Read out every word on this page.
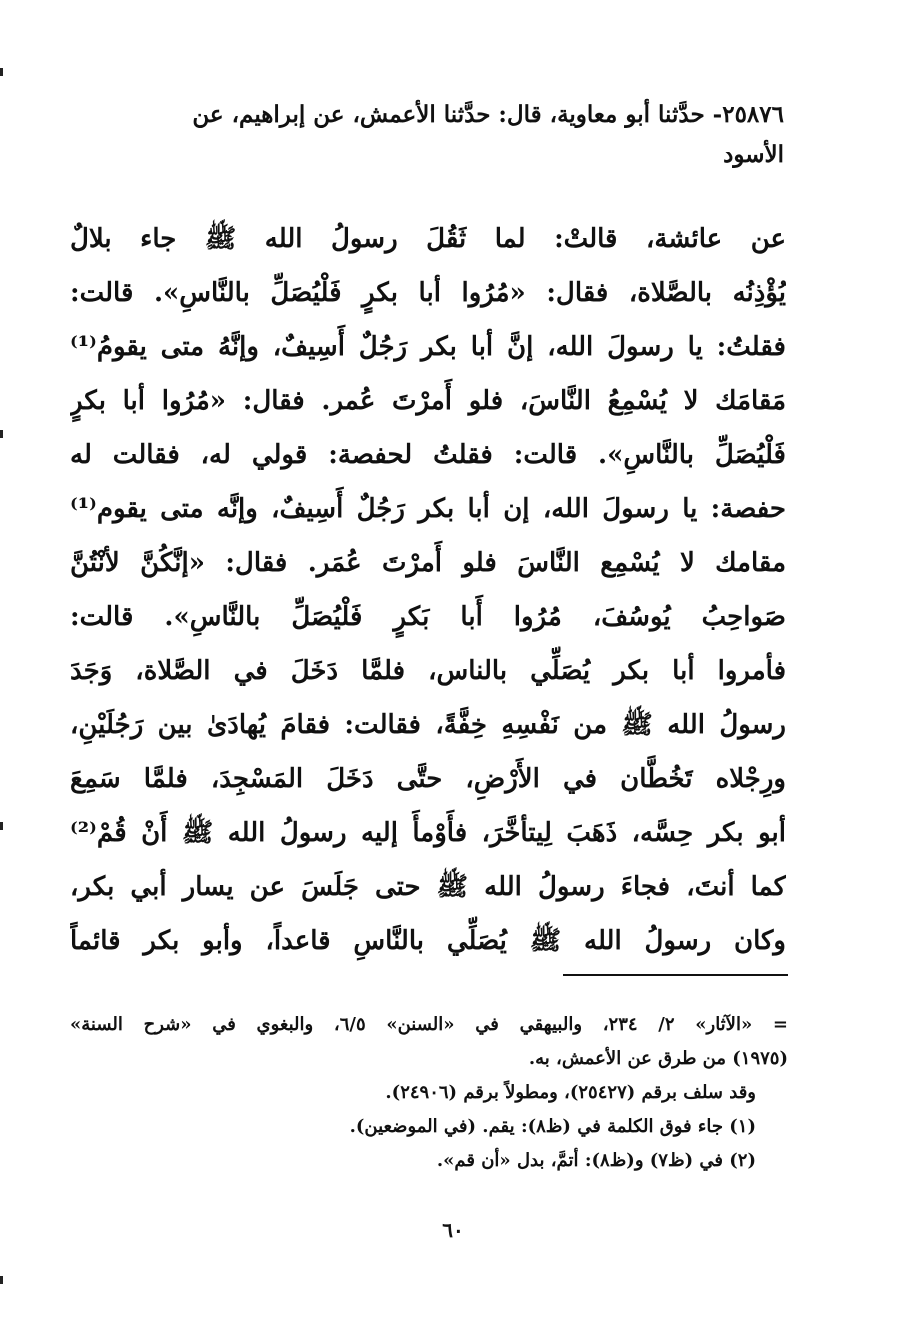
٢٥٨٧٦- حدَّثنا أبو معاوية، قال: حدَّثنا الأعمش، عن إبراهيم، عن
الأسود
عن عائشة، قالتْ: لما ثَقُلَ رسولُ الله ﷺ جاء بلالٌ
يُؤْذِنُه بالصَّلاة، فقال: «مُرُوا أبا بكرٍ فَلْيُصَلِّ بالنَّاسِ». قالت:
فقلتُ: يا رسولَ الله، إنَّ أبا بكر رَجُلٌ أَسِيفٌ، وإنَّهُ متى يقومُ⁽¹⁾
مَقامَك لا يُسْمِعُ النَّاسَ، فلو أَمرْتَ عُمر. فقال: «مُرُوا أبا بكرٍ
فَلْيُصَلِّ بالنَّاسِ». قالت: فقلتُ لحفصة: قولي له، فقالت له
حفصة: يا رسولَ الله، إن أبا بكر رَجُلٌ أَسِيفٌ، وإنَّه متى يقوم⁽¹⁾
مقامك لا يُسْمِع النَّاسَ فلو أَمرْتَ عُمَر. فقال: «إنَّكُنَّ لأنْتُنَّ
صَواحِبُ يُوسُفَ، مُرُوا أَبا بَكرٍ فَلْيُصَلِّ بالنَّاسِ». قالت:
فأمروا أبا بكر يُصَلِّي بالناس، فلمَّا دَخَلَ في الصَّلاة، وَجَدَ
رسولُ الله ﷺ من نَفْسِهِ خِفَّةً، فقالت: فقامَ يُهادَىٰ بين رَجُلَيْنِ،
ورِجْلاه تَخُطَّان في الأَرْضِ، حتَّى دَخَلَ المَسْجِدَ، فلمَّا سَمِعَ
أبو بكر حِسَّه، ذَهَبَ لِيتأخَّرَ، فأَوْمأَ إليه رسولُ الله ﷺ أَنْ قُمْ⁽²⁾
كما أنتَ، فجاءَ رسولُ الله ﷺ حتى جَلَسَ عن يسار أبي بكر،
وكان رسولُ الله ﷺ يُصَلِّي بالنَّاسِ قاعداً، وأبو بكر قائماً
= «الآثار» ٢/ ٢٣٤، والبيهقي في «السنن» ٦/٥، والبغوي في «شرح السنة»
(١٩٧٥) من طرق عن الأعمش، به.
وقد سلف برقم (٢٥٤٢٧)، ومطولاً برقم (٢٤٩٠٦).
(١) جاء فوق الكلمة في (ظ٨): يقم. (في الموضعين).
(٢) في (ظ٧) و(ظ٨): أتمَّ، بدل «أن قم».
٦٠
